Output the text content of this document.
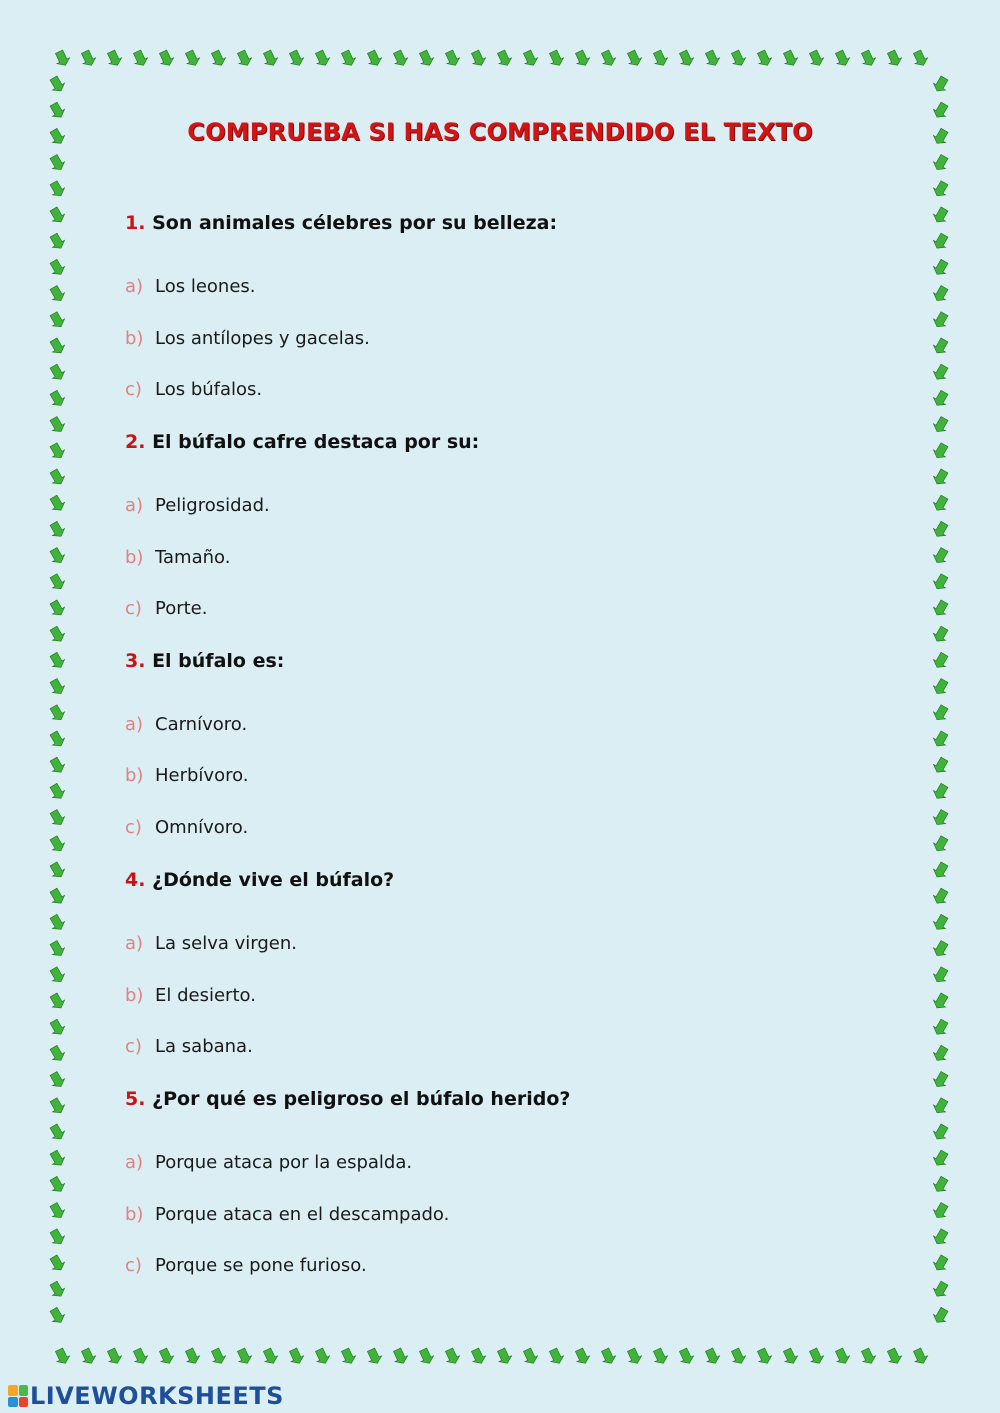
COMPRUEBA SI HAS COMPRENDIDO EL TEXTO
1. Son animales célebres por su belleza:
a) Los leones.
b) Los antílopes y gacelas.
c) Los búfalos.
2. El búfalo cafre destaca por su:
a) Peligrosidad.
b) Tamaño.
c) Porte.
3. El búfalo es:
a) Carnívoro.
b) Herbívoro.
c) Omnívoro.
4. ¿Dónde vive el búfalo?
a) La selva virgen.
b) El desierto.
c) La sabana.
5. ¿Por qué es peligroso el búfalo herido?
a) Porque ataca por la espalda.
b) Porque ataca en el descampado.
c) Porque se pone furioso.
LIVEWORKSHEETS
